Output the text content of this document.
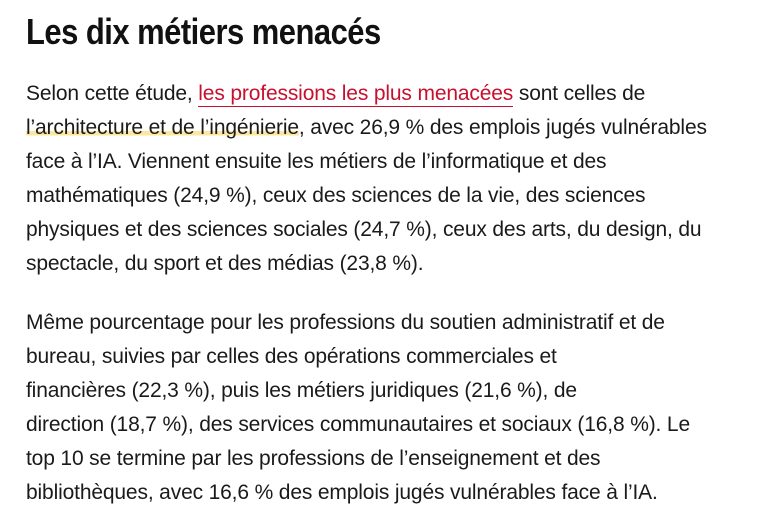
Les dix métiers menacés

Selon cette étude, les professions les plus menacées sont celles de
l’architecture et de l’ingénierie, avec 26,9 % des emplois jugés vulnérables
face à l’IA. Viennent ensuite les métiers de l’informatique et des
mathématiques (24,9 %), ceux des sciences de la vie, des sciences
physiques et des sciences sociales (24,7 %), ceux des arts, du design, du
spectacle, du sport et des médias (23,8 %).

Même pourcentage pour les professions du soutien administratif et de
bureau, suivies par celles des opérations commerciales et
financières (22,3 %), puis les métiers juridiques (21,6 %), de
direction (18,7 %), des services communautaires et sociaux (16,8 %). Le
top 10 se termine par les professions de l’enseignement et des
bibliothèques, avec 16,6 % des emplois jugés vulnérables face à l’IA.
